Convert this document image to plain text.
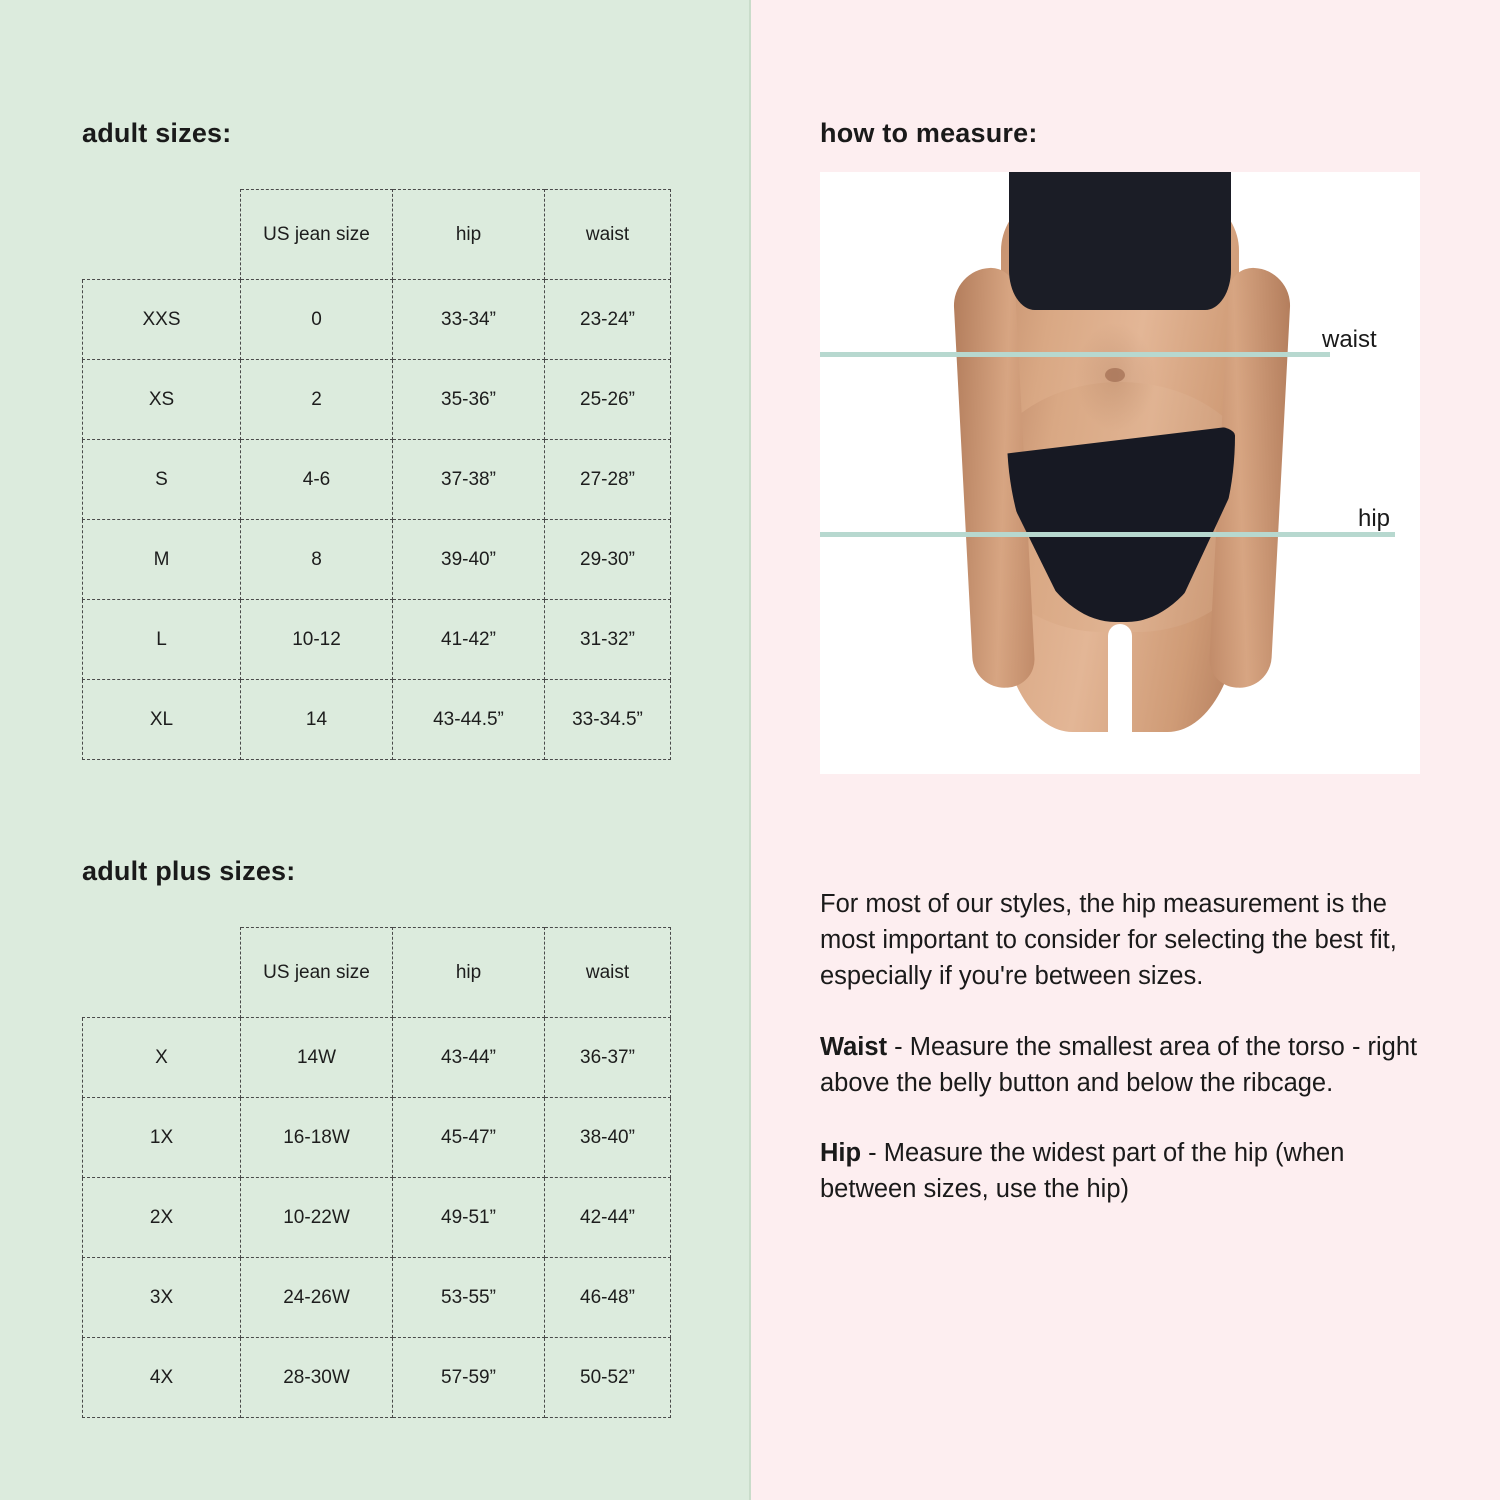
adult sizes:
	US jean size	hip	waist
XXS	0	33-34”	23-24”
XS	2	35-36”	25-26”
S	4-6	37-38”	27-28”
M	8	39-40”	29-30”
L	10-12	41-42”	31-32”
XL	14	43-44.5”	33-34.5”
adult plus sizes:
	US jean size	hip	waist
X	14W	43-44”	36-37”
1X	16-18W	45-47”	38-40”
2X	10-22W	49-51”	42-44”
3X	24-26W	53-55”	46-48”
4X	28-30W	57-59”	50-52”
how to measure:
waist
hip

For most of our styles, the hip measurement is the most important to consider for selecting the best fit, especially if you're between sizes.

Waist - Measure the smallest area of the torso - right above the belly button and below the ribcage.

Hip - Measure the widest part of the hip (when between sizes, use the hip)
